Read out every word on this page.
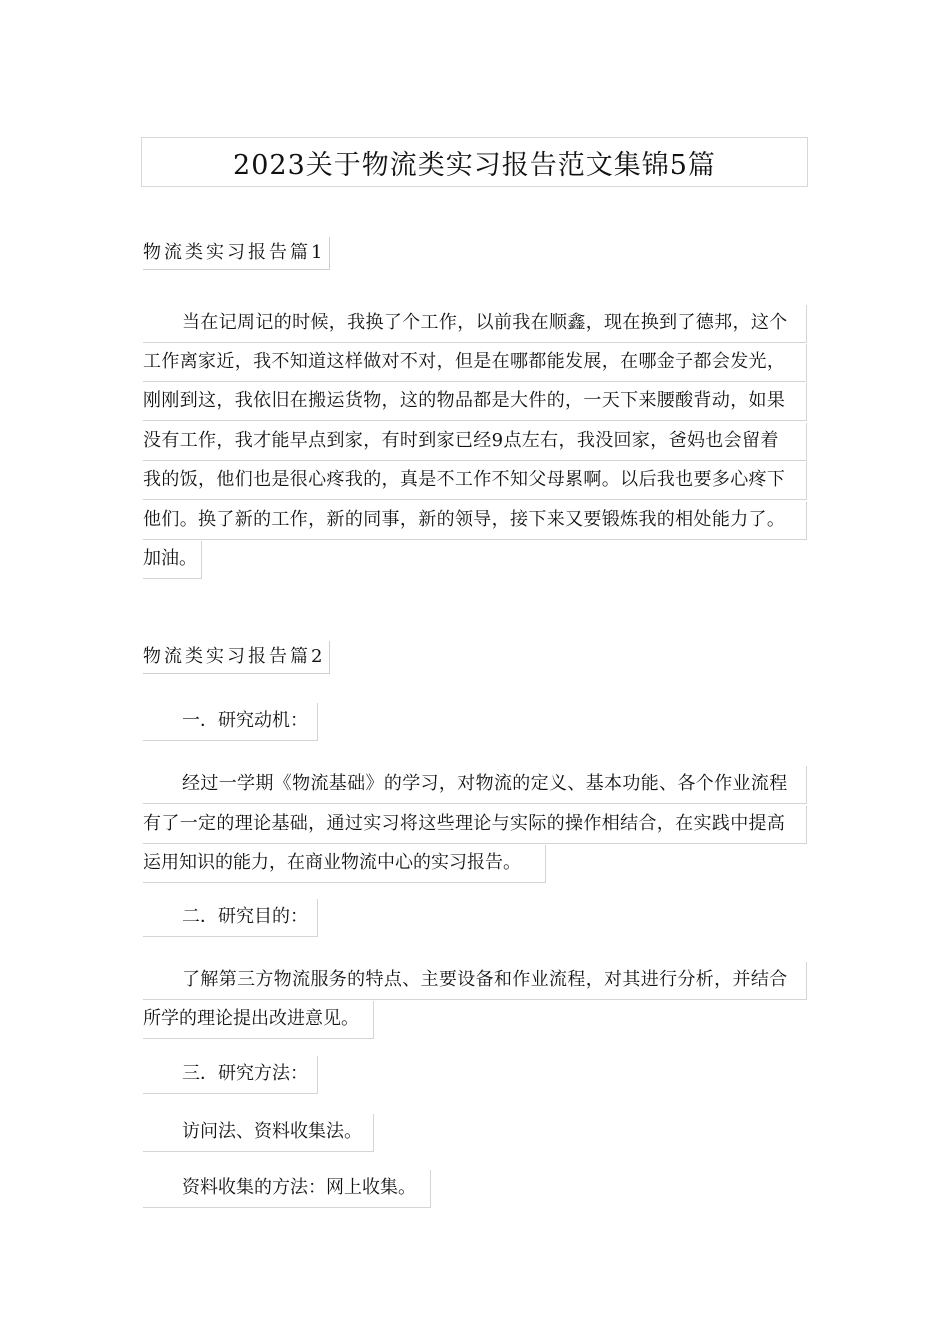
2023关于物流类实习报告范文集锦5篇
物流类实习报告篇1
当在记周记的时候，我换了个工作，以前我在顺鑫，现在换到了德邦，这个
工作离家近，我不知道这样做对不对，但是在哪都能发展，在哪金子都会发光，
刚刚到这，我依旧在搬运货物，这的物品都是大件的，一天下来腰酸背动，如果
没有工作，我才能早点到家，有时到家已经9点左右，我没回家，爸妈也会留着
我的饭，他们也是很心疼我的，真是不工作不知父母累啊。以后我也要多心疼下
他们。换了新的工作，新的同事，新的领导，接下来又要锻炼我的相处能力了。
加油。
物流类实习报告篇2
一．研究动机：
经过一学期《物流基础》的学习，对物流的定义、基本功能、各个作业流程
有了一定的理论基础，通过实习将这些理论与实际的操作相结合，在实践中提高
运用知识的能力，在商业物流中心的实习报告。
二．研究目的：
了解第三方物流服务的特点、主要设备和作业流程，对其进行分析，并结合
所学的理论提出改进意见。
三．研究方法：
访问法、资料收集法。
资料收集的方法：网上收集。
